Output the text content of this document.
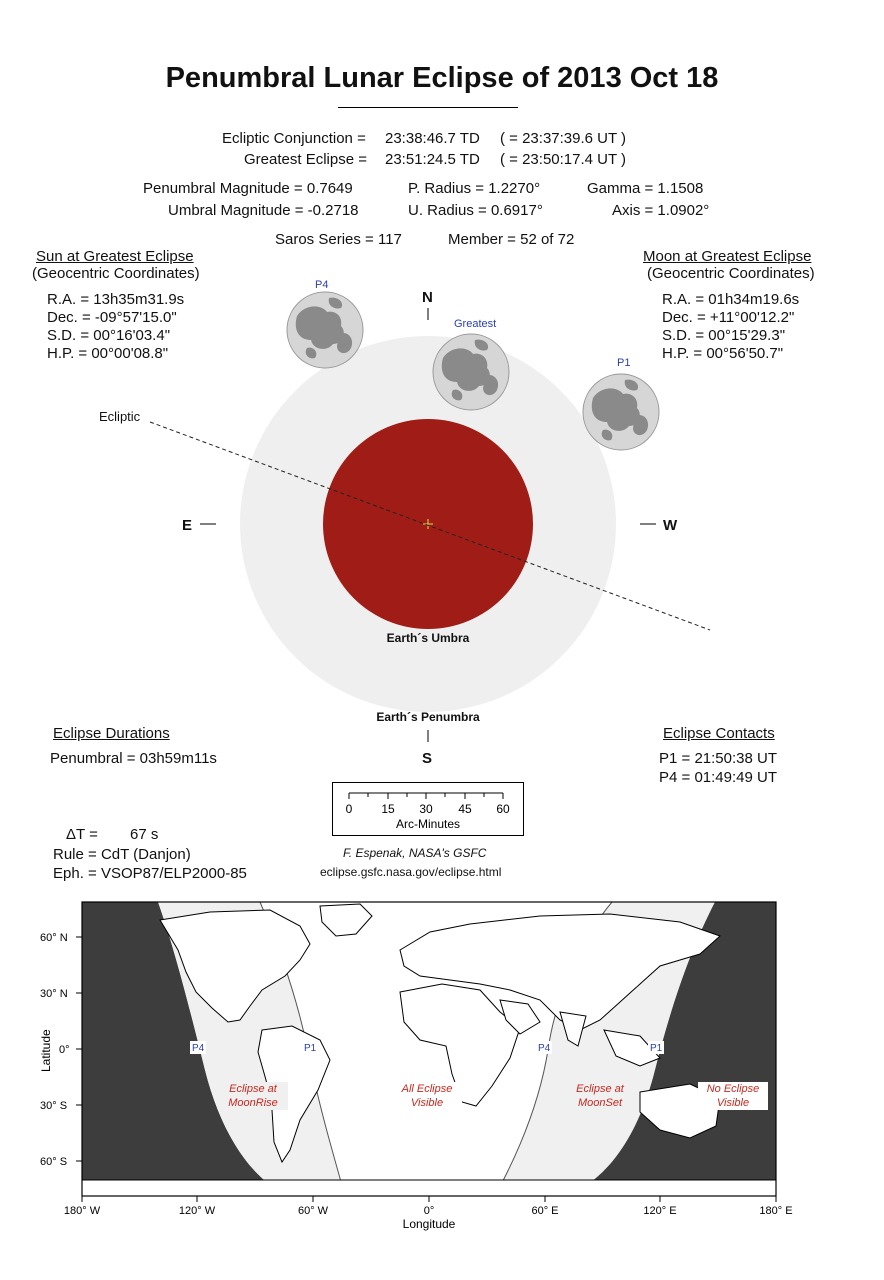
Penumbral Lunar Eclipse of 2013 Oct 18
Ecliptic Conjunction = 23:38:46.7 TD ( = 23:37:39.6 UT )
Greatest Eclipse = 23:51:24.5 TD ( = 23:50:17.4 UT )
Penumbral Magnitude = 0.7649
Umbral Magnitude = -0.2718
P. Radius = 1.2270°
U. Radius = 0.6917°
Gamma = 1.1508
Axis = 1.0902°
Saros Series = 117	Member = 52 of 72
Sun at Greatest Eclipse
(Geocentric Coordinates)
R.A. = 13h35m31.9s
Dec. = -09°57'15.0"
S.D. = 00°16'03.4"
H.P. = 00°00'08.8"
Moon at Greatest Eclipse
(Geocentric Coordinates)
R.A. = 01h34m19.6s
Dec. = +11°00'12.2"
S.D. = 00°15'29.3"
H.P. = 00°56'50.7"
Ecliptic
N
S
E	W
Earth´s Umbra
Earth´s Penumbra
P4
Greatest
P1
Eclipse Durations
Penumbral = 03h59m11s
Eclipse Contacts
P1 = 21:50:38 UT
P4 = 01:49:49 UT
0 15 30 45 60
Arc-Minutes
ΔT = 67 s
Rule = CdT (Danjon)
Eph. = VSOP87/ELP2000-85
F. Espenak, NASA's GSFC
eclipse.gsfc.nasa.gov/eclipse.html
60° N
30° N
0°
30° S
60° S
Latitude
180° W	120° W	60° W	0°	60° E	120° E	180° E
Longitude
P4	P1	P4	P1
Eclipse at MoonRise
All Eclipse Visible
Eclipse at MoonSet
No Eclipse Visible
